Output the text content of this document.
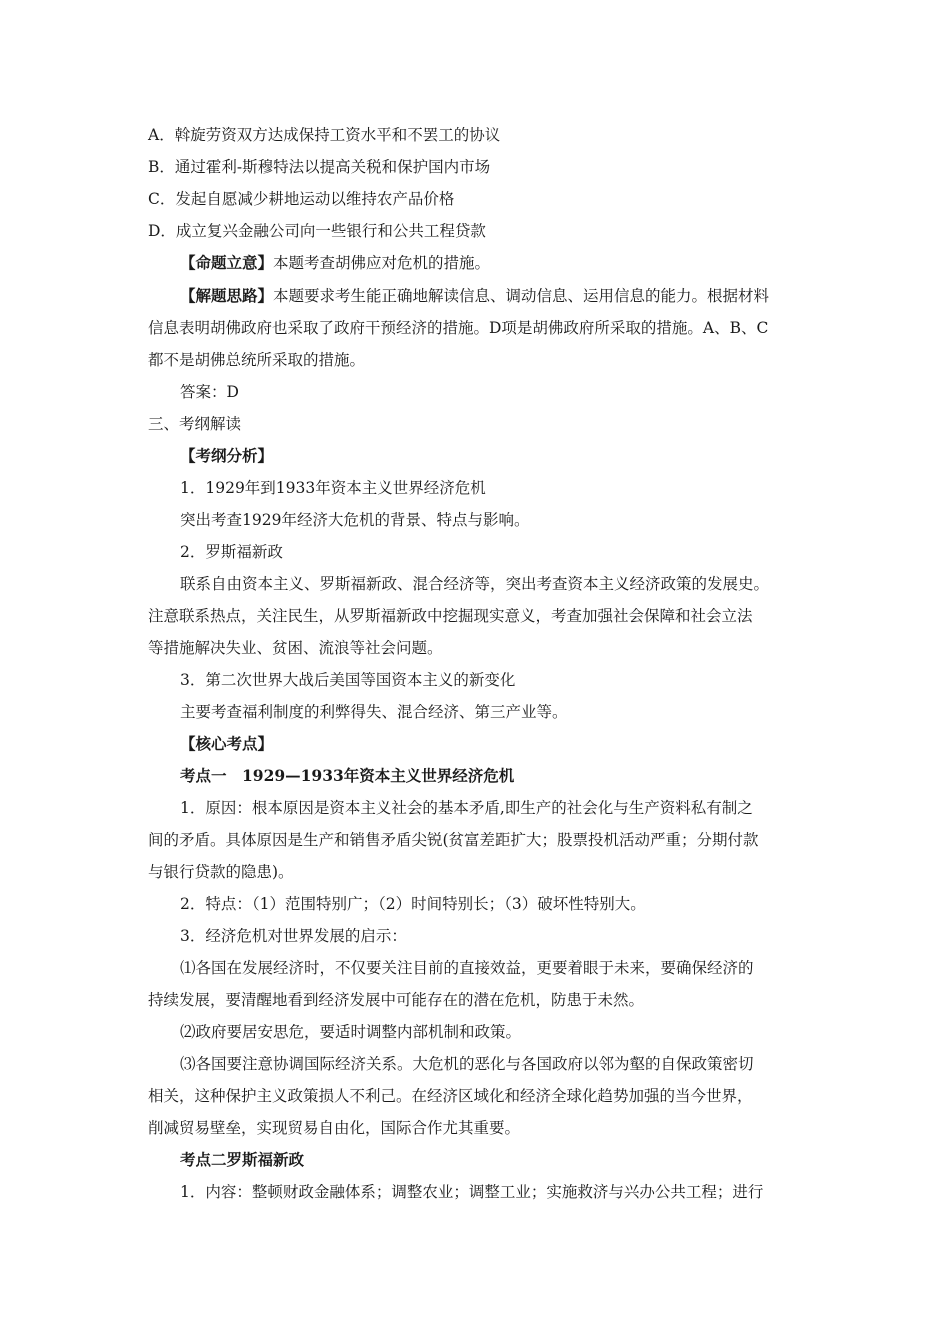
A．斡旋劳资双方达成保持工资水平和不罢工的协议
B．通过霍利-斯穆特法以提高关税和保护国内市场
C．发起自愿减少耕地运动以维持农产品价格
D．成立复兴金融公司向一些银行和公共工程贷款
【命题立意】本题考查胡佛应对危机的措施。
【解题思路】本题要求考生能正确地解读信息、调动信息、运用信息的能力。根据材料
信息表明胡佛政府也采取了政府干预经济的措施。D项是胡佛政府所采取的措施。A、B、C
都不是胡佛总统所采取的措施。
答案：D
三、考纲解读
【考纲分析】
1．1929年到1933年资本主义世界经济危机
突出考查1929年经济大危机的背景、特点与影响。
2．罗斯福新政
联系自由资本主义、罗斯福新政、混合经济等，突出考查资本主义经济政策的发展史。
注意联系热点，关注民生，从罗斯福新政中挖掘现实意义，考查加强社会保障和社会立法
等措施解决失业、贫困、流浪等社会问题。
3．第二次世界大战后美国等国资本主义的新变化
主要考查福利制度的利弊得失、混合经济、第三产业等。
【核心考点】
考点一　1929—1933年资本主义世界经济危机
1．原因：根本原因是资本主义社会的基本矛盾,即生产的社会化与生产资料私有制之
间的矛盾。具体原因是生产和销售矛盾尖锐(贫富差距扩大；股票投机活动严重；分期付款
与银行贷款的隐患)。
2．特点：（1）范围特别广；（2）时间特别长；（3）破坏性特别大。
3．经济危机对世界发展的启示：
⑴各国在发展经济时，不仅要关注目前的直接效益，更要着眼于未来，要确保经济的
持续发展，要清醒地看到经济发展中可能存在的潜在危机，防患于未然。
⑵政府要居安思危，要适时调整内部机制和政策。
⑶各国要注意协调国际经济关系。大危机的恶化与各国政府以邻为壑的自保政策密切
相关，这种保护主义政策损人不利己。在经济区域化和经济全球化趋势加强的当今世界，
削减贸易壁垒，实现贸易自由化，国际合作尤其重要。
考点二罗斯福新政
1．内容：整顿财政金融体系；调整农业；调整工业；实施救济与兴办公共工程；进行
